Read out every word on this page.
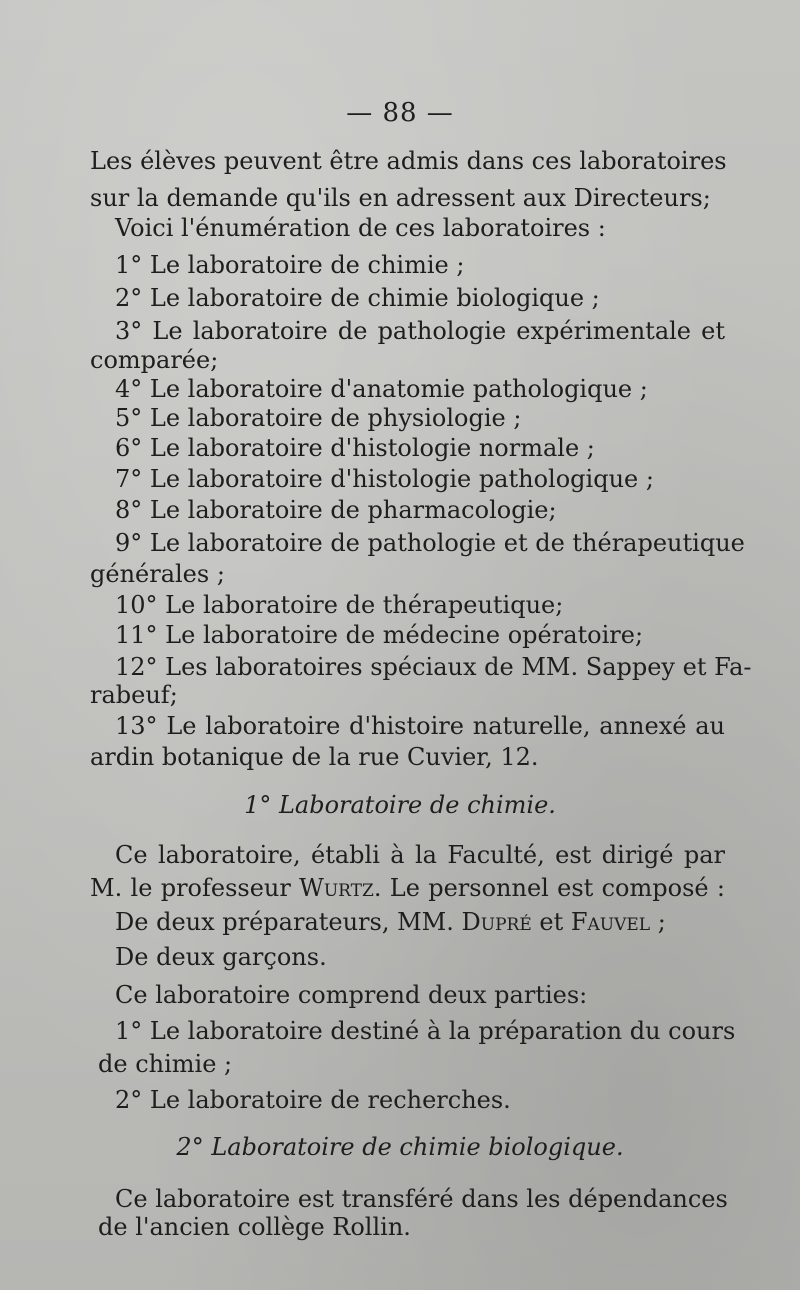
— 88 —
Les élèves peuvent être admis dans ces laboratoires
sur la demande qu'ils en adressent aux Directeurs;
Voici l'énumération de ces laboratoires :
1° Le laboratoire de chimie ;
2° Le laboratoire de chimie biologique ;
3° Le laboratoire de pathologie expérimentale et
comparée;
4° Le laboratoire d'anatomie pathologique ;
5° Le laboratoire de physiologie ;
6° Le laboratoire d'histologie normale ;
7° Le laboratoire d'histologie pathologique ;
8° Le laboratoire de pharmacologie;
9° Le laboratoire de pathologie et de thérapeutique
générales ;
10° Le laboratoire de thérapeutique;
11° Le laboratoire de médecine opératoire;
12° Les laboratoires spéciaux de MM. Sappey et Fa-
rabeuf;
13° Le laboratoire d'histoire naturelle, annexé au
ardin botanique de la rue Cuvier, 12.
1° Laboratoire de chimie.
Ce laboratoire, établi à la Faculté, est dirigé par
M. le professeur Wurtz. Le personnel est composé :
De deux préparateurs, MM. Dupré et Fauvel ;
De deux garçons.
Ce laboratoire comprend deux parties:
1° Le laboratoire destiné à la préparation du cours
de chimie ;
2° Le laboratoire de recherches.
2° Laboratoire de chimie biologique.
Ce laboratoire est transféré dans les dépendances
de l'ancien collège Rollin.
